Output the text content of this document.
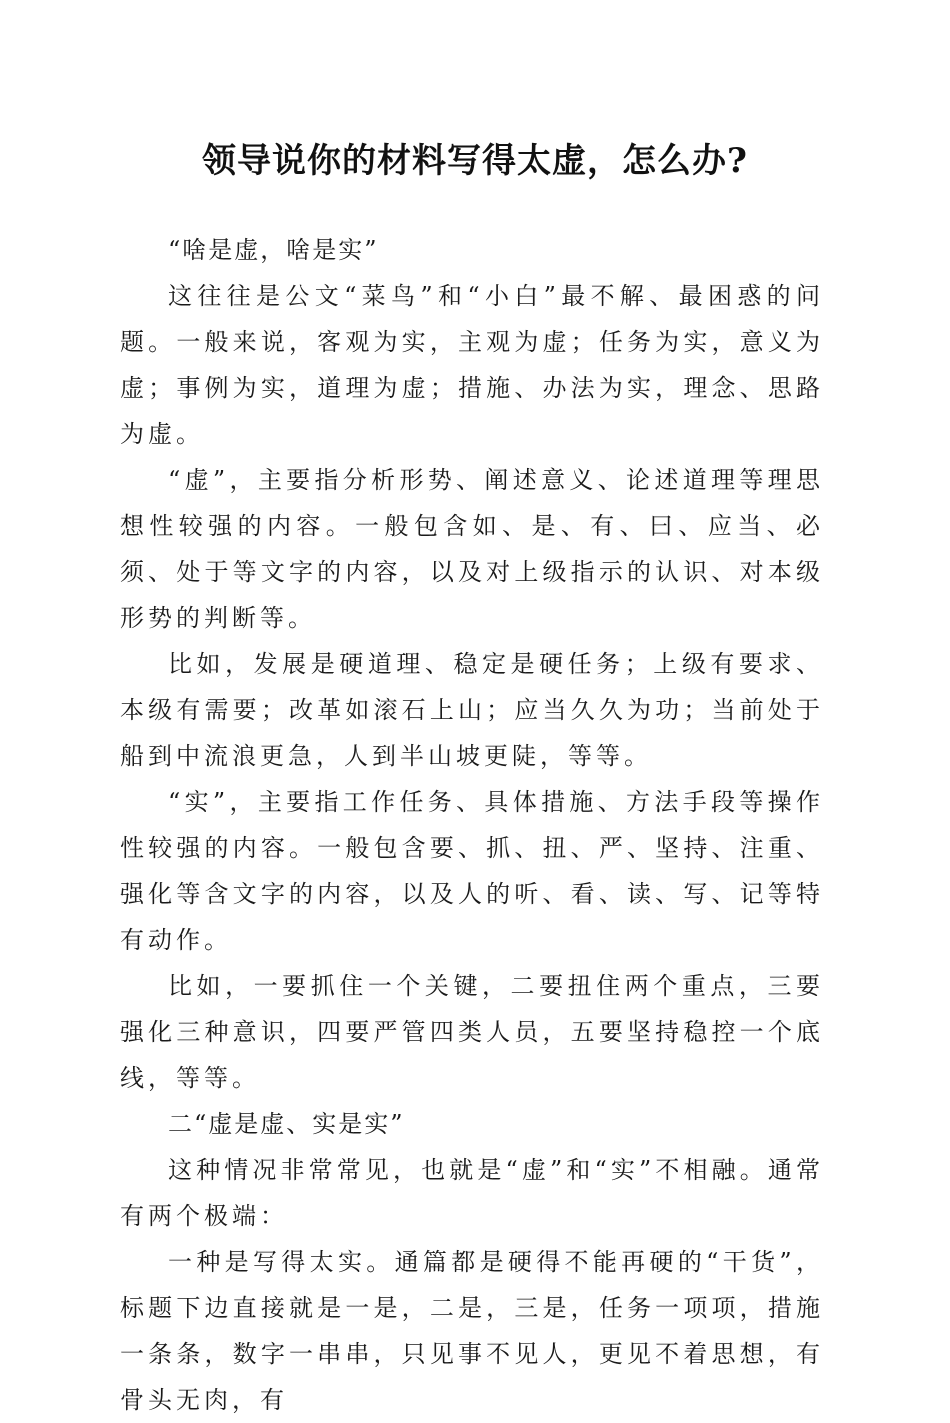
领导说你的材料写得太虚，怎么办?

“啥是虚，啥是实”

这往往是公文“菜鸟”和“小白”最不解、最困惑的问题。一般来说，客观为实，主观为虚；任务为实，意义为虚；事例为实，道理为虚；措施、办法为实，理念、思路为虚。

“虚”，主要指分析形势、阐述意义、论述道理等理思想性较强的内容。一般包含如、是、有、曰、应当、必须、处于等文字的内容，以及对上级指示的认识、对本级形势的判断等。

比如，发展是硬道理、稳定是硬任务；上级有要求、本级有需要；改革如滚石上山；应当久久为功；当前处于船到中流浪更急，人到半山坡更陡，等等。

“实”，主要指工作任务、具体措施、方法手段等操作性较强的内容。一般包含要、抓、扭、严、坚持、注重、强化等含文字的内容，以及人的听、看、读、写、记等特有动作。

比如，一要抓住一个关键，二要扭住两个重点，三要强化三种意识，四要严管四类人员，五要坚持稳控一个底线，等等。

二“虚是虚、实是实”

这种情况非常常见，也就是“虚”和“实”不相融。通常有两个极端：

一种是写得太实。通篇都是硬得不能再硬的“干货”，标题下边直接就是一是，二是，三是，任务一项项，措施一条条，数字一串串，只见事不见人，更见不着思想，有骨头无肉，有
